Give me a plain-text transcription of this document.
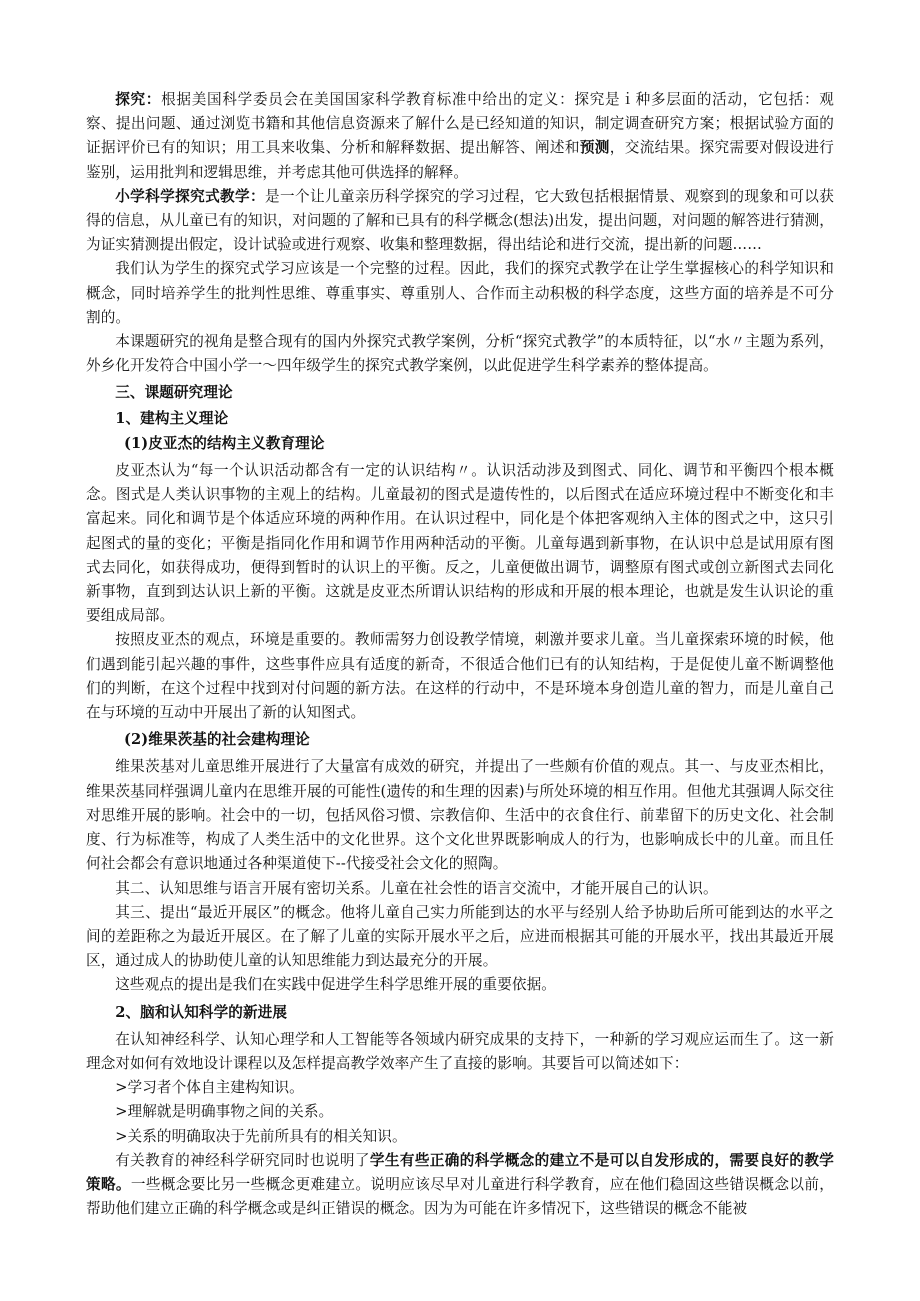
探究：根据美国科学委员会在美国国家科学教育标准中给出的定义：探究是ｉ种多层面的活动，它包括：观察、提出问题、通过浏览书籍和其他信息资源来了解什么是已经知道的知识，制定调查研究方案；根据试验方面的证据评价已有的知识；用工具来收集、分析和解释数据、提出解答、阐述和预测，交流结果。探究需要对假设进行鉴别，运用批判和逻辑思维，并考虑其他可供选择的解释。

小学科学探究式教学：是一个让儿童亲历科学探究的学习过程，它大致包括根据情景、观察到的现象和可以获得的信息，从儿童已有的知识，对问题的了解和已具有的科学概念(想法)出发，提出问题，对问题的解答进行猜测，为证实猜测提出假定，设计试验或进行观察、收集和整理数据，得出结论和进行交流，提出新的问题……

我们认为学生的探究式学习应该是一个完整的过程。因此，我们的探究式教学在让学生掌握核心的科学知识和概念，同时培养学生的批判性思维、尊重事实、尊重别人、合作而主动积极的科学态度，这些方面的培养是不可分割的。

本课题研究的视角是整合现有的国内外探究式教学案例，分析“探究式教学”的本质特征，以“水〃主题为系列，外乡化开发符合中国小学一～四年级学生的探究式教学案例，以此促进学生科学素养的整体提高。

三、课题研究理论

1、建构主义理论

(1)皮亚杰的结构主义教育理论

皮亚杰认为“每一个认识活动都含有一定的认识结构〃。认识活动涉及到图式、同化、调节和平衡四个根本概念。图式是人类认识事物的主观上的结构。儿童最初的图式是遗传性的，以后图式在适应环境过程中不断变化和丰富起来。同化和调节是个体适应环境的两种作用。在认识过程中，同化是个体把客观纳入主体的图式之中，这只引起图式的量的变化；平衡是指同化作用和调节作用两种活动的平衡。儿童每遇到新事物，在认识中总是试用原有图式去同化，如获得成功，便得到暂时的认识上的平衡。反之，儿童便做出调节，调整原有图式或创立新图式去同化新事物，直到到达认识上新的平衡。这就是皮亚杰所谓认识结构的形成和开展的根本理论，也就是发生认识论的重要组成局部。

按照皮亚杰的观点，环境是重要的。教师需努力创设教学情境，刺激并要求儿童。当儿童探索环境的时候，他们遇到能引起兴趣的事件，这些事件应具有适度的新奇，不很适合他们已有的认知结构，于是促使儿童不断调整他们的判断，在这个过程中找到对付问题的新方法。在这样的行动中，不是环境本身创造儿童的智力，而是儿童自己在与环境的互动中开展出了新的认知图式。

(2)维果茨基的社会建构理论

维果茨基对儿童思维开展进行了大量富有成效的研究，并提出了一些颇有价值的观点。其一、与皮亚杰相比，维果茨基同样强调儿童内在思维开展的可能性(遗传的和生理的因素)与所处环境的相互作用。但他尤其强调人际交往对思维开展的影响。社会中的一切，包括风俗习惯、宗教信仰、生活中的衣食住行、前辈留下的历史文化、社会制度、行为标准等，构成了人类生活中的文化世界。这个文化世界既影响成人的行为，也影响成长中的儿童。而且任何社会都会有意识地通过各种渠道使下--代接受社会文化的照陶。

其二、认知思维与语言开展有密切关系。儿童在社会性的语言交流中，才能开展自己的认识。

其三、提出“最近开展区”的概念。他将儿童自己实力所能到达的水平与经别人给予协助后所可能到达的水平之间的差距称之为最近开展区。在了解了儿童的实际开展水平之后，应进而根据其可能的开展水平，找出其最近开展区，通过成人的协助使儿童的认知思维能力到达最充分的开展。

这些观点的提出是我们在实践中促进学生科学思维开展的重要依据。

2、脑和认知科学的新进展

在认知神经科学、认知心理学和人工智能等各领域内研究成果的支持下，一种新的学习观应运而生了。这一新理念对如何有效地设计课程以及怎样提高教学效率产生了直接的影响。其要旨可以简述如下：

>学习者个体自主建构知识。

>理解就是明确事物之间的关系。

>关系的明确取决于先前所具有的相关知识。

有关教育的神经科学研究同时也说明了学生有些正确的科学概念的建立不是可以自发形成的，需要良好的教学策略。一些概念要比另一些概念更难建立。说明应该尽早对儿童进行科学教育，应在他们稳固这些错误概念以前，帮助他们建立正确的科学概念或是纠正错误的概念。因为为可能在许多情况下，这些错误的概念不能被
